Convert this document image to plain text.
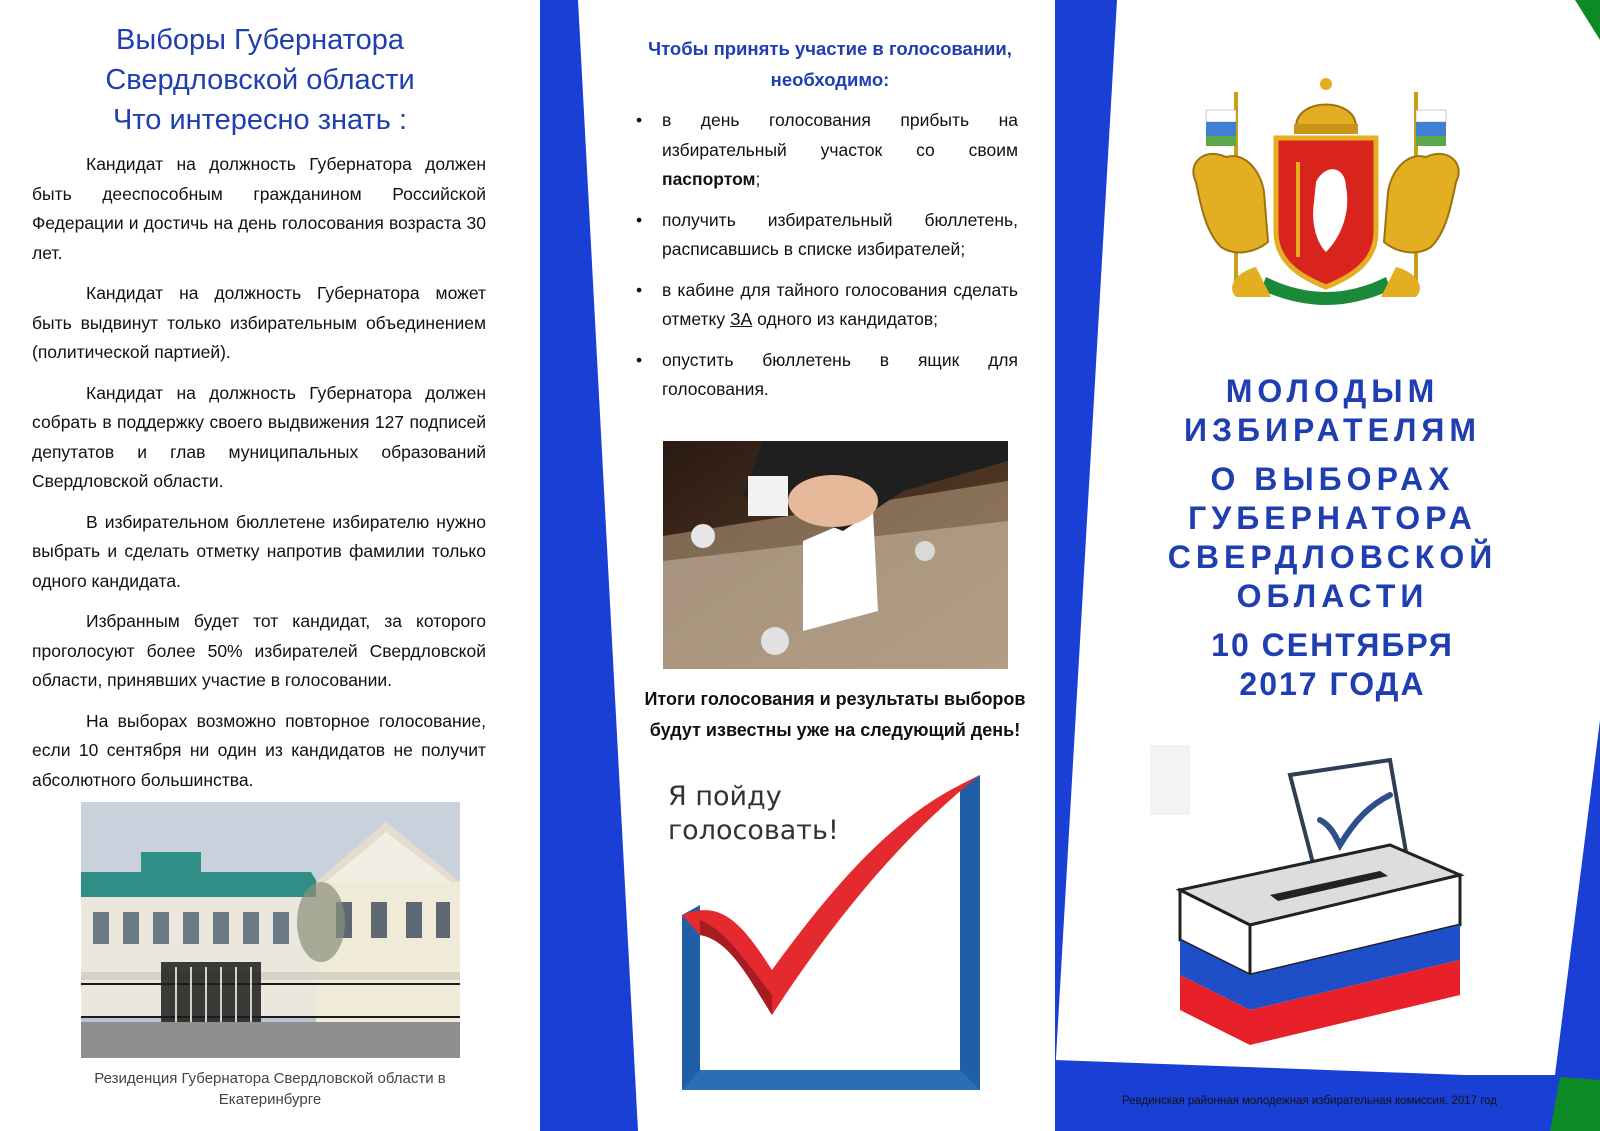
Выборы Губернатора
Свердловской области
Что интересно знать :

Кандидат на должность Губернатора должен быть дееспособным гражданином Российской Федерации и достичь на день голосования возраста 30 лет.

Кандидат на должность Губернатора может быть выдвинут только избирательным объединением (политической партией).

Кандидат на должность Губернатора должен собрать в поддержку своего выдвижения 127 подписей депутатов и глав муниципальных образований Свердловской области.

В избирательном бюллетене избирателю нужно выбрать и сделать отметку напротив фамилии только одного кандидата.

Избранным будет тот кандидат, за которого проголосуют более 50% избирателей Свердловской области, принявших участие в голосовании.

На выборах возможно повторное голосование, если 10 сентября ни один из кандидатов не получит абсолютного большинства.

Резиденция Губернатора Свердловской области в Екатеринбурге
Чтобы принять участие в голосовании, необходимо:
• в день голосования прибыть на избирательный участок со своим паспортом;
• получить избирательный бюллетень, расписавшись в списке избирателей;
• в кабине для тайного голосования сделать отметку ЗА одного из кандидатов;
• опустить бюллетень в ящик для голосования.
Итоги голосования и результаты выборов будут известны уже на следующий день!
Я пойду
голосовать!
МОЛОДЫМ
ИЗБИРАТЕЛЯМ
О ВЫБОРАХ
ГУБЕРНАТОРА
СВЕРДЛОВСКОЙ
ОБЛАСТИ
10 СЕНТЯБРЯ
2017 ГОДА
Ревдинская районная молодежная избирательная комиссия. 2017 год
